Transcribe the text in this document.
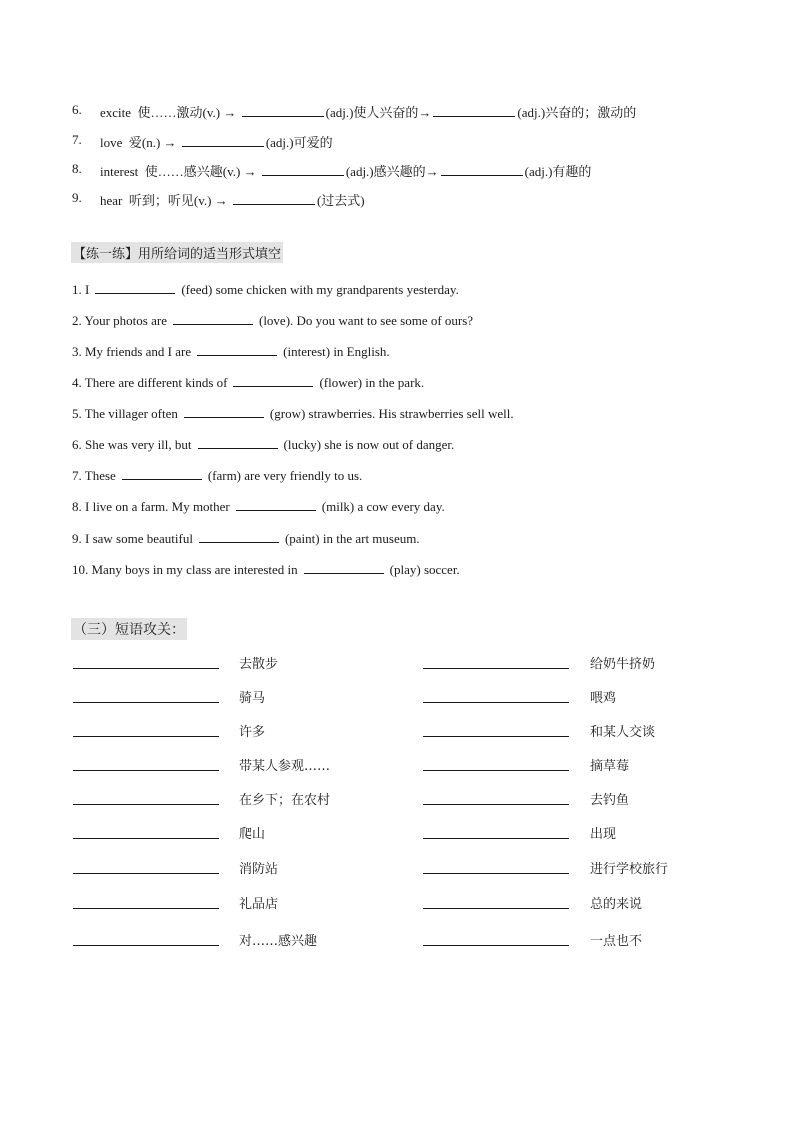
6. excite 使……激动(v.) →	(adj.)使人兴奋的→	(adj.)兴奋的；激动的
7. love 爱(n.) →	(adj.)可爱的
8. interest 使……感兴趣(v.) →	(adj.)感兴趣的→	(adj.)有趣的
9. hear 听到；听见(v.) →	(过去式)
【练一练】用所给词的适当形式填空
1. I	(feed) some chicken with my grandparents yesterday.
2. Your photos are	(love). Do you want to see some of ours?
3. My friends and I are	(interest) in English.
4. There are different kinds of	(flower) in the park.
5. The villager often	(grow) strawberries. His strawberries sell well.
6. She was very ill, but	(lucky) she is now out of danger.
7. These	(farm) are very friendly to us.
8. I live on a farm. My mother	(milk) a cow every day.
9. I saw some beautiful	(paint) in the art museum.
10. Many boys in my class are interested in	(play) soccer.
（三）短语攻关：
去散步	给奶牛挤奶
骑马	喂鸡
许多	和某人交谈
带某人参观……	摘草莓
在乡下；在农村	去钓鱼
爬山	出现
消防站	进行学校旅行
礼品店	总的来说
对……感兴趣	一点也不
